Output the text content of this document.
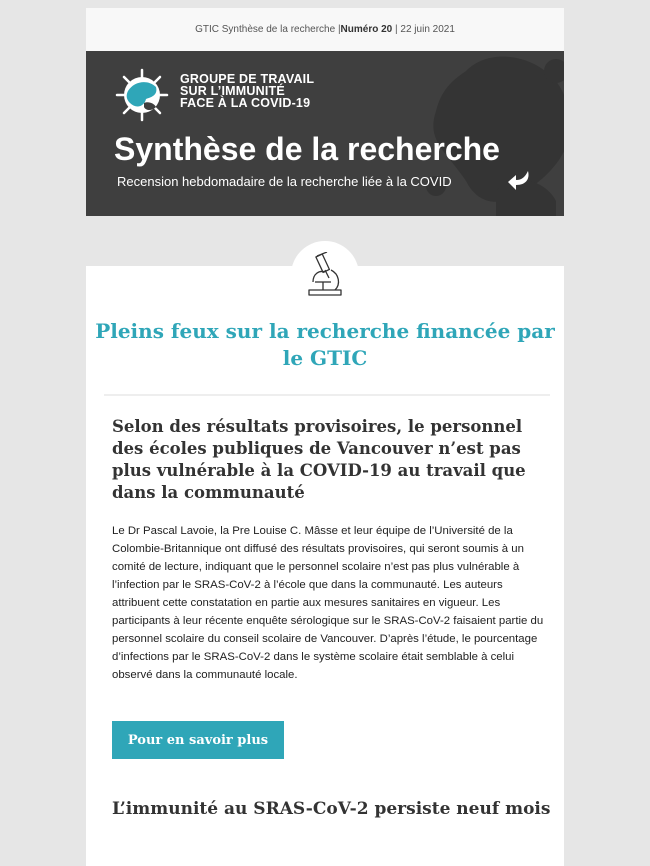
GTIC Synthèse de la recherche |Numéro 20 | 22 juin 2021
GROUPE DE TRAVAIL
SUR L’IMMUNITÉ
FACE À LA COVID-19
Synthèse de la recherche
Recension hebdomadaire de la recherche liée à la COVID
Pleins feux sur la recherche financée par le GTIC
Selon des résultats provisoires, le personnel des écoles publiques de Vancouver n’est pas plus vulnérable à la COVID-19 au travail que dans la communauté
Le Dr Pascal Lavoie, la Pre Louise C. Mâsse et leur équipe de l’Université de la Colombie-Britannique ont diffusé des résultats provisoires, qui seront soumis à un comité de lecture, indiquant que le personnel scolaire n’est pas plus vulnérable à l’infection par le SRAS-CoV-2 à l’école que dans la communauté. Les auteurs attribuent cette constatation en partie aux mesures sanitaires en vigueur. Les participants à leur récente enquête sérologique sur le SRAS-CoV-2 faisaient partie du personnel scolaire du conseil scolaire de Vancouver. D’après l’étude, le pourcentage d’infections par le SRAS-CoV-2 dans le système scolaire était semblable à celui observé dans la communauté locale.
Pour en savoir plus
L’immunité au SRAS-CoV-2 persiste neuf mois
